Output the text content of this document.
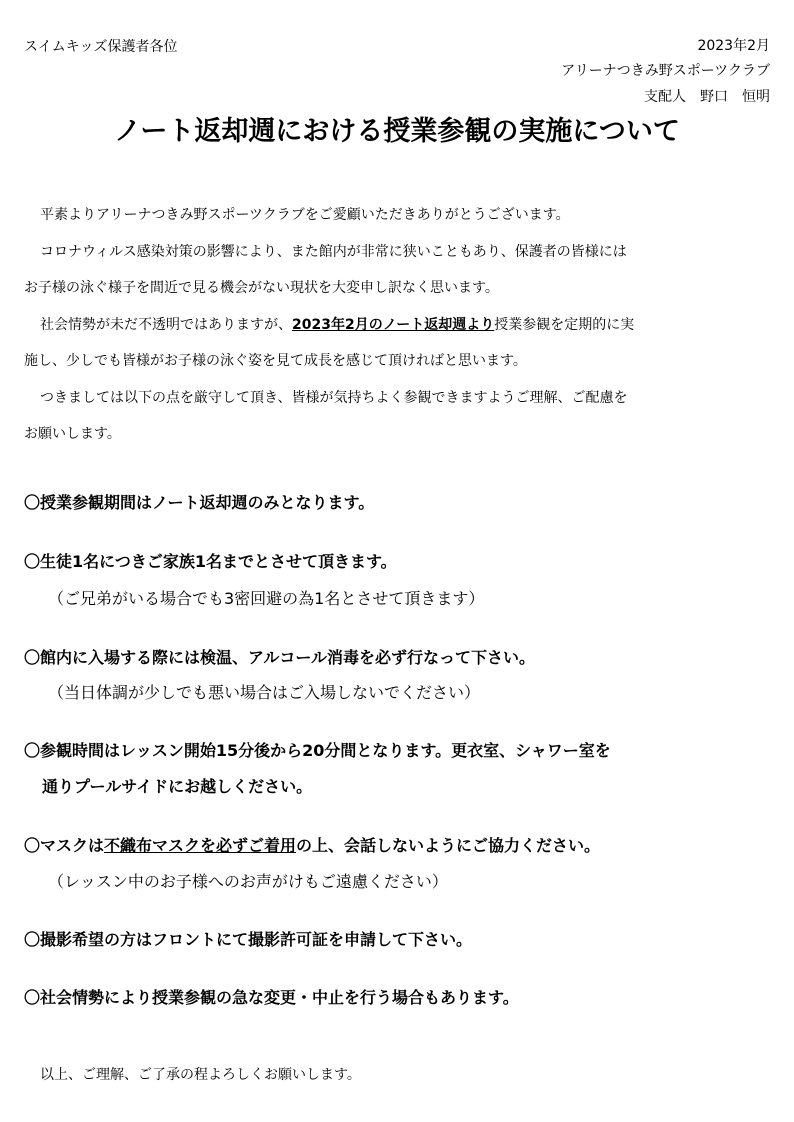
スイムキッズ保護者各位	2023年2月
アリーナつきみ野スポーツクラブ
支配人　野口　恒明
ノート返却週における授業参観の実施について
平素よりアリーナつきみ野スポーツクラブをご愛顧いただきありがとうございます。
コロナウィルス感染対策の影響により、また館内が非常に狭いこともあり、保護者の皆様には
お子様の泳ぐ様子を間近で見る機会がない現状を大変申し訳なく思います。
社会情勢が未だ不透明ではありますが、2023年2月のノート返却週より授業参観を定期的に実
施し、少しでも皆様がお子様の泳ぐ姿を見て成長を感じて頂ければと思います。
つきましては以下の点を厳守して頂き、皆様が気持ちよく参観できますようご理解、ご配慮を
お願いします。
〇授業参観期間はノート返却週のみとなります。
〇生徒1名につきご家族1名までとさせて頂きます。
（ご兄弟がいる場合でも3密回避の為1名とさせて頂きます）
〇館内に入場する際には検温、アルコール消毒を必ず行なって下さい。
（当日体調が少しでも悪い場合はご入場しないでください）
〇参観時間はレッスン開始15分後から20分間となります。更衣室、シャワー室を
通りプールサイドにお越しください。
〇マスクは不織布マスクを必ずご着用の上、会話しないようにご協力ください。
（レッスン中のお子様へのお声がけもご遠慮ください）
〇撮影希望の方はフロントにて撮影許可証を申請して下さい。
〇社会情勢により授業参観の急な変更・中止を行う場合もあります。
以上、ご理解、ご了承の程よろしくお願いします。
